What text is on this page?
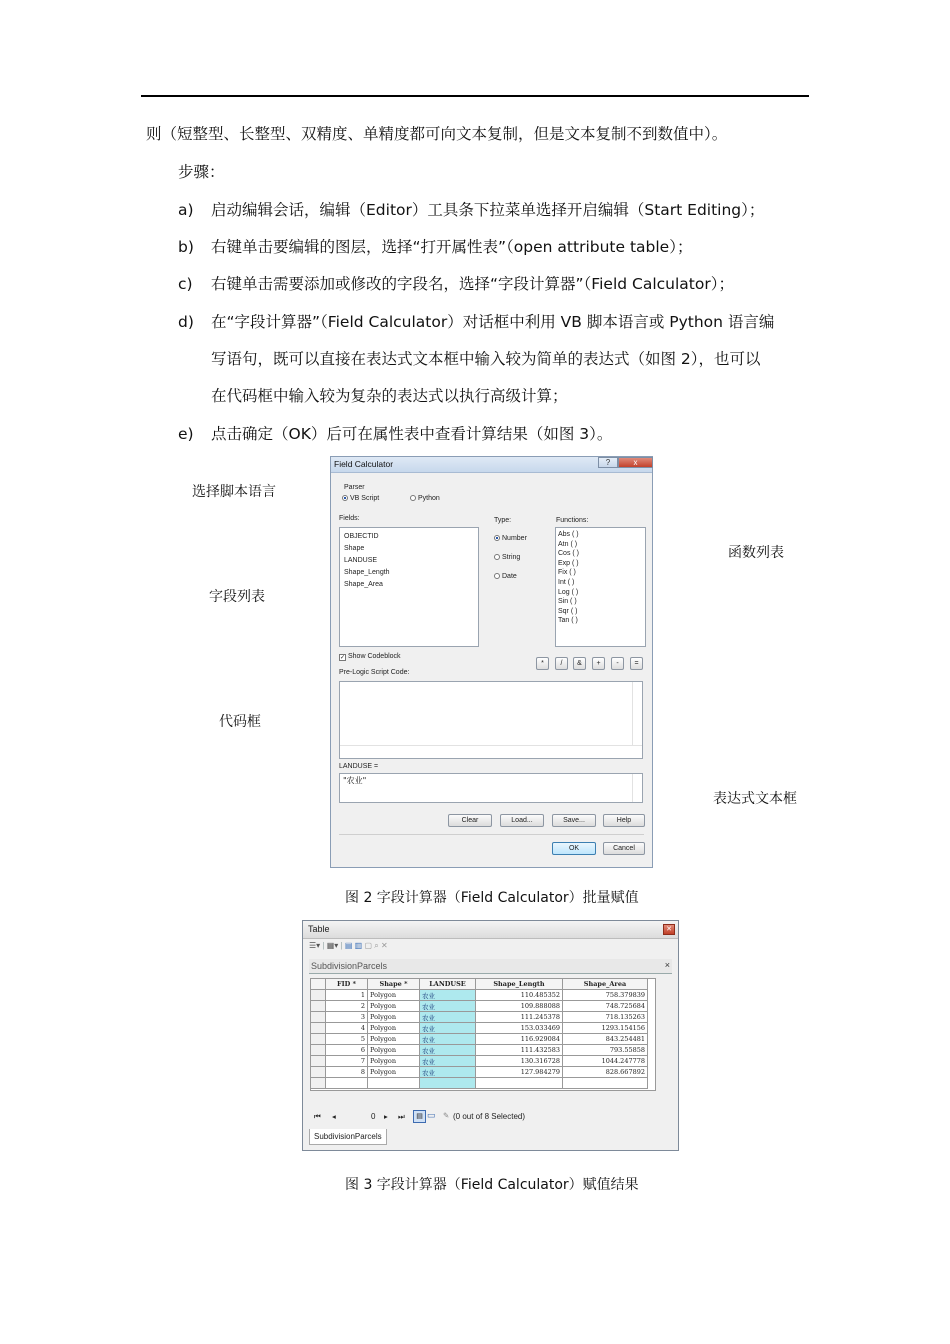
则（短整型、长整型、双精度、单精度都可向文本复制，但是文本复制不到数值中）。
步骤：
a) 启动编辑会话，编辑（Editor）工具条下拉菜单选择开启编辑（Start Editing）；
b) 右键单击要编辑的图层，选择“打开属性表”（open attribute table）；
c) 右键单击需要添加或修改的字段名，选择“字段计算器”（Field Calculator）；
d) 在“字段计算器”（Field Calculator）对话框中利用 VB 脚本语言或 Python 语言编
写语句，既可以直接在表达式文本框中输入较为简单的表达式（如图 2），也可以
在代码框中输入较为复杂的表达式以执行高级计算；
e) 点击确定（OK）后可在属性表中查看计算结果（如图 3）。
选择脚本语言
字段列表
代码框
函数列表
表达式文本框
Field Calculator	?	x
Parser
VB Script	Python
Fields:
OBJECTID
Shape
LANDUSE
Shape_Length
Shape_Area
Type:
Number
String
Date
Functions:
Abs ( )
Atn ( )
Cos ( )
Exp ( )
Fix ( )
Int ( )
Log ( )
Sin ( )
Sqr ( )
Tan ( )
✓ Show Codeblock
*	/	&	+	-	=
Pre-Logic Script Code:
LANDUSE =
"农业"
Clear	Load...	Save...	Help
OK	Cancel
图 2 字段计算器（Field Calculator）批量赋值
Table	✕
☰▾ | ▦▾ | ▤ ▥ ▢ ⌕ ✕
SubdivisionParcels	×
	FID *	Shape *	LANDUSE	Shape_Length	Shape_Area
	1	Polygon	农业	110.485352	758.379839
	2	Polygon	农业	109.888088	748.725684
	3	Polygon	农业	111.245378	718.135263
	4	Polygon	农业	153.033469	1293.154156
	5	Polygon	农业	116.929084	843.254481
	6	Polygon	农业	111.432583	793.55858
	7	Polygon	农业	130.316728	1044.247778
	8	Polygon	农业	127.984279	828.667892

⏮ ◂	0 ▸ ⏭	▤ ▭ ✎ (0 out of 8 Selected)
SubdivisionParcels
图 3 字段计算器（Field Calculator）赋值结果
